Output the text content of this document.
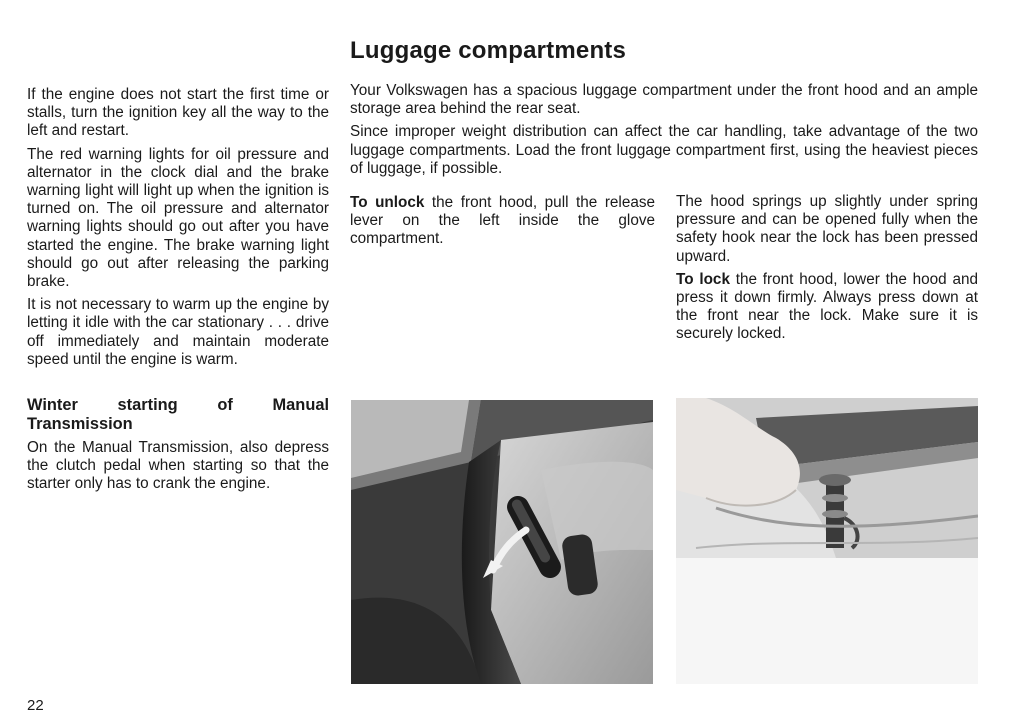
Luggage compartments

If the engine does not start the first time or stalls, turn the ignition key all the way to the left and restart.

The red warning lights for oil pressure and alternator in the clock dial and the brake warning light will light up when the ignition is turned on. The oil pressure and alternator warning lights should go out after you have started the engine. The brake warning light should go out after releasing the parking brake.

It is not necessary to warm up the engine by letting it idle with the car stationary . . . drive off immediately and maintain moderate speed until the engine is warm.

Winter starting of Manual Transmission

On the Manual Transmission, also depress the clutch pedal when starting so that the starter only has to crank the engine.

Your Volkswagen has a spacious luggage compartment under the front hood and an ample storage area behind the rear seat.

Since improper weight distribution can affect the car handling, take advantage of the two luggage compartments. Load the front luggage compartment first, using the heaviest pieces of luggage, if possible.

To unlock the front hood, pull the release lever on the left inside the glove compartment.

The hood springs up slightly under spring pressure and can be opened fully when the safety hook near the lock has been pressed upward.

To lock the front hood, lower the hood and press it down firmly. Always press down at the front near the lock. Make sure it is securely locked.

22
